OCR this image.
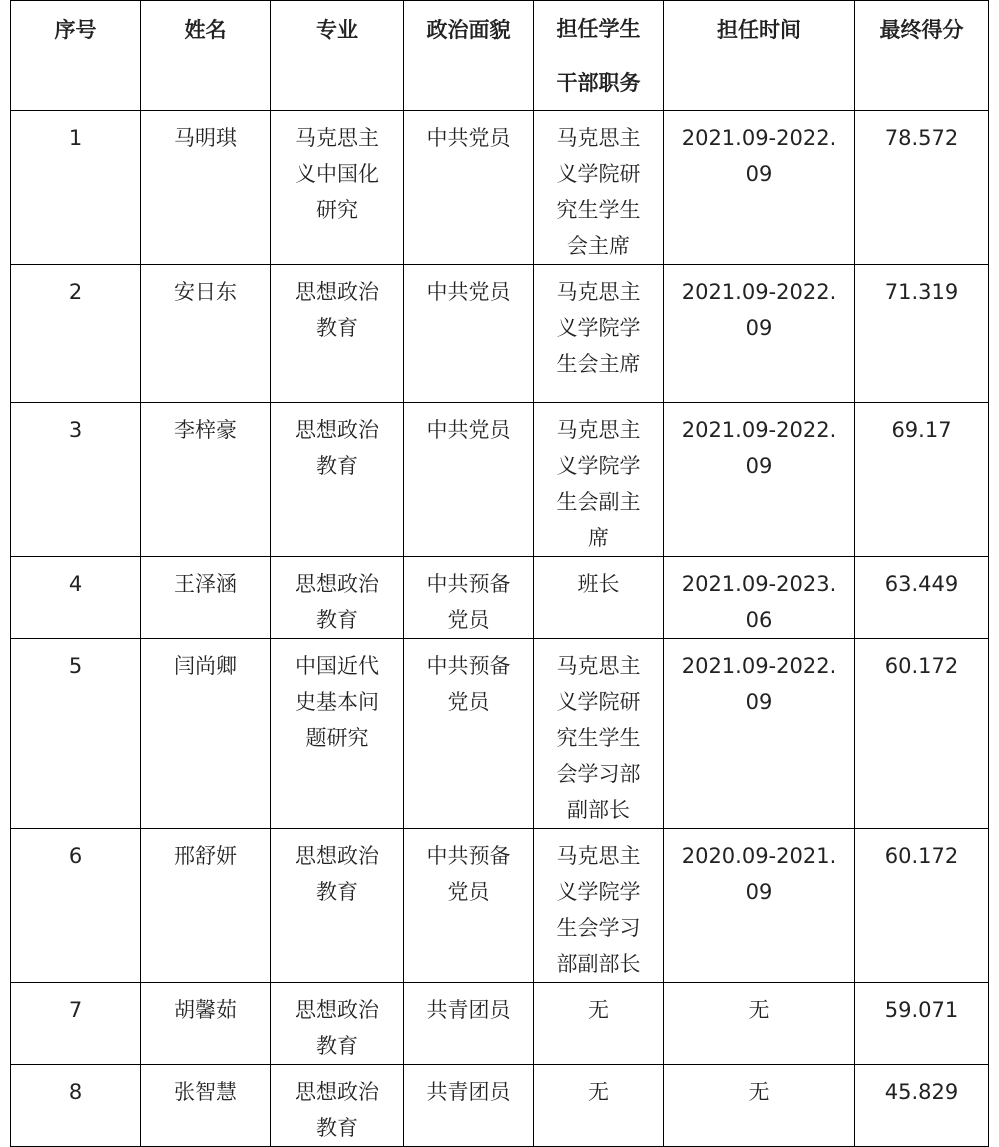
序号	姓名	专业	政治面貌	担任学生
干部职务	担任时间	最终得分

1	马明琪	马克思主
义中国化
研究	中共党员	马克思主
义学院研
究生学生
会主席	2021.09-2022.
09	78.572

2	安日东	思想政治
教育	中共党员	马克思主
义学院学
生会主席	2021.09-2022.
09	71.319

3	李梓豪	思想政治
教育	中共党员	马克思主
义学院学
生会副主
席	2021.09-2022.
09	69.17

4	王泽涵	思想政治
教育	中共预备
党员	班长	2021.09-2023.
06	63.449

5	闫尚卿	中国近代
史基本问
题研究	中共预备
党员	马克思主
义学院研
究生学生
会学习部
副部长	2021.09-2022.
09	60.172

6	邢舒妍	思想政治
教育	中共预备
党员	马克思主
义学院学
生会学习
部副部长	2020.09-2021.
09	60.172

7	胡馨茹	思想政治
教育	共青团员	无	无	59.071

8	张智慧	思想政治
教育	共青团员	无	无	45.829
